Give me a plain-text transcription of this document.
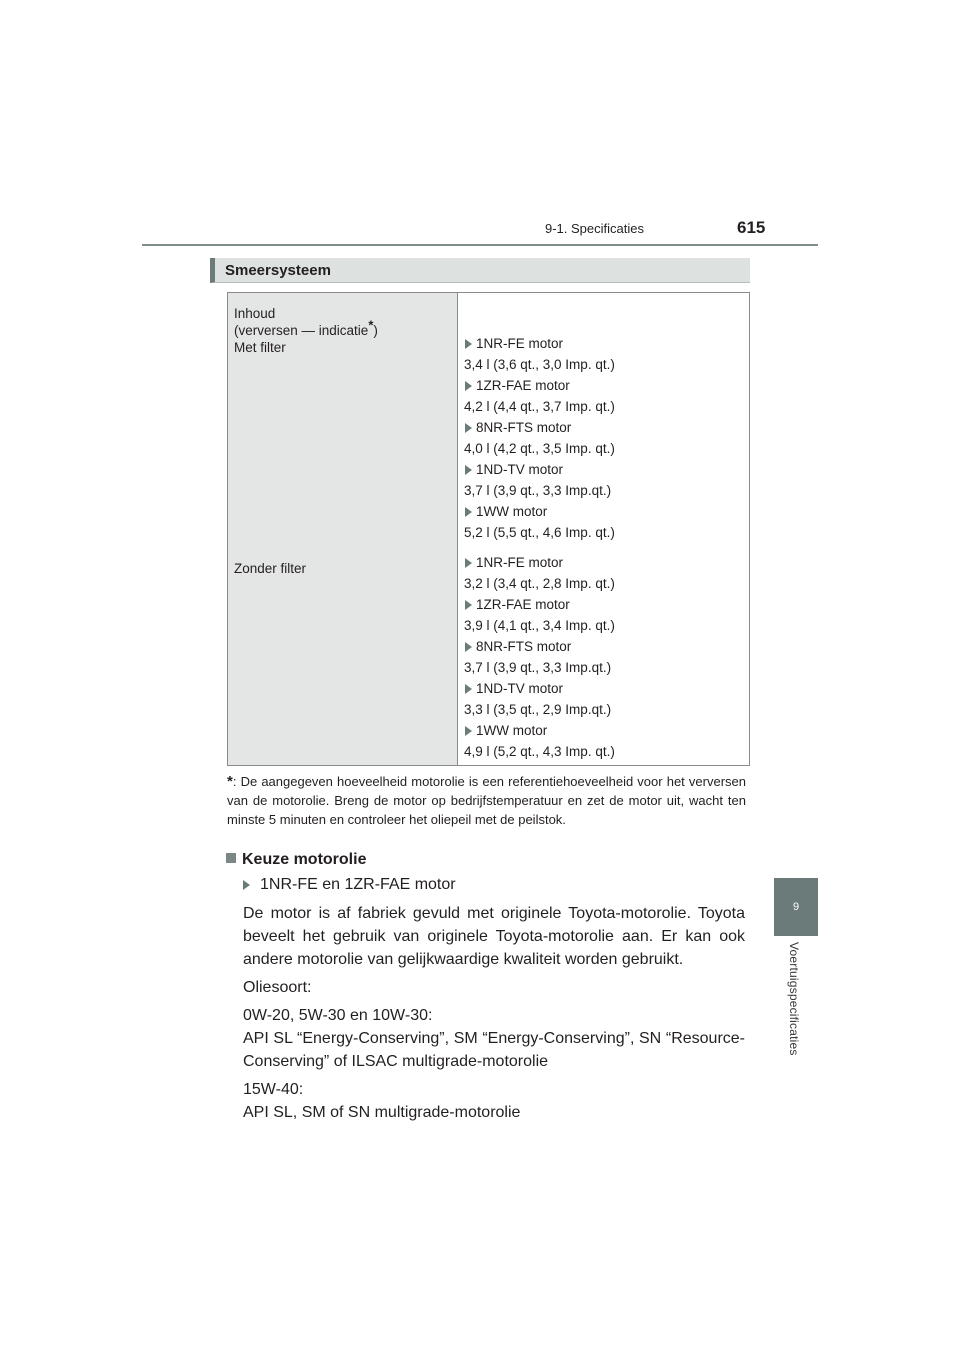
9-1. Specificaties	615
9
Voertuigspecificaties
Smeersysteem
Inhoud
(verversen — indicatie*)
Met filter
Zonder filter
1NR-FE motor
3,4 l (3,6 qt., 3,0 Imp. qt.)
1ZR-FAE motor
4,2 l (4,4 qt., 3,7 Imp. qt.)
8NR-FTS motor
4,0 l (4,2 qt., 3,5 Imp. qt.)
1ND-TV motor
3,7 l (3,9 qt., 3,3 Imp.qt.)
1WW motor
5,2 l (5,5 qt., 4,6 Imp. qt.)
1NR-FE motor
3,2 l (3,4 qt., 2,8 Imp. qt.)
1ZR-FAE motor
3,9 l (4,1 qt., 3,4 Imp. qt.)
8NR-FTS motor
3,7 l (3,9 qt., 3,3 Imp.qt.)
1ND-TV motor
3,3 l (3,5 qt., 2,9 Imp.qt.)
1WW motor
4,9 l (5,2 qt., 4,3 Imp. qt.)
*: De aangegeven hoeveelheid motorolie is een referentiehoeveelheid voor het verversen van de motorolie. Breng de motor op bedrijfstemperatuur en zet de motor uit, wacht ten minste 5 minuten en controleer het oliepeil met de peilstok.
Keuze motorolie
1NR-FE en 1ZR-FAE motor

De motor is af fabriek gevuld met originele Toyota-motorolie. Toyota beveelt het gebruik van originele Toyota-motorolie aan. Er kan ook andere motorolie van gelijkwaardige kwaliteit worden gebruikt.

Oliesoort:

0W-20, 5W-30 en 10W-30:

API SL “Energy-Conserving”, SM “Energy-Conserving”, SN “Resource-Conserving” of ILSAC multigrade-motorolie

15W-40:

API SL, SM of SN multigrade-motorolie
